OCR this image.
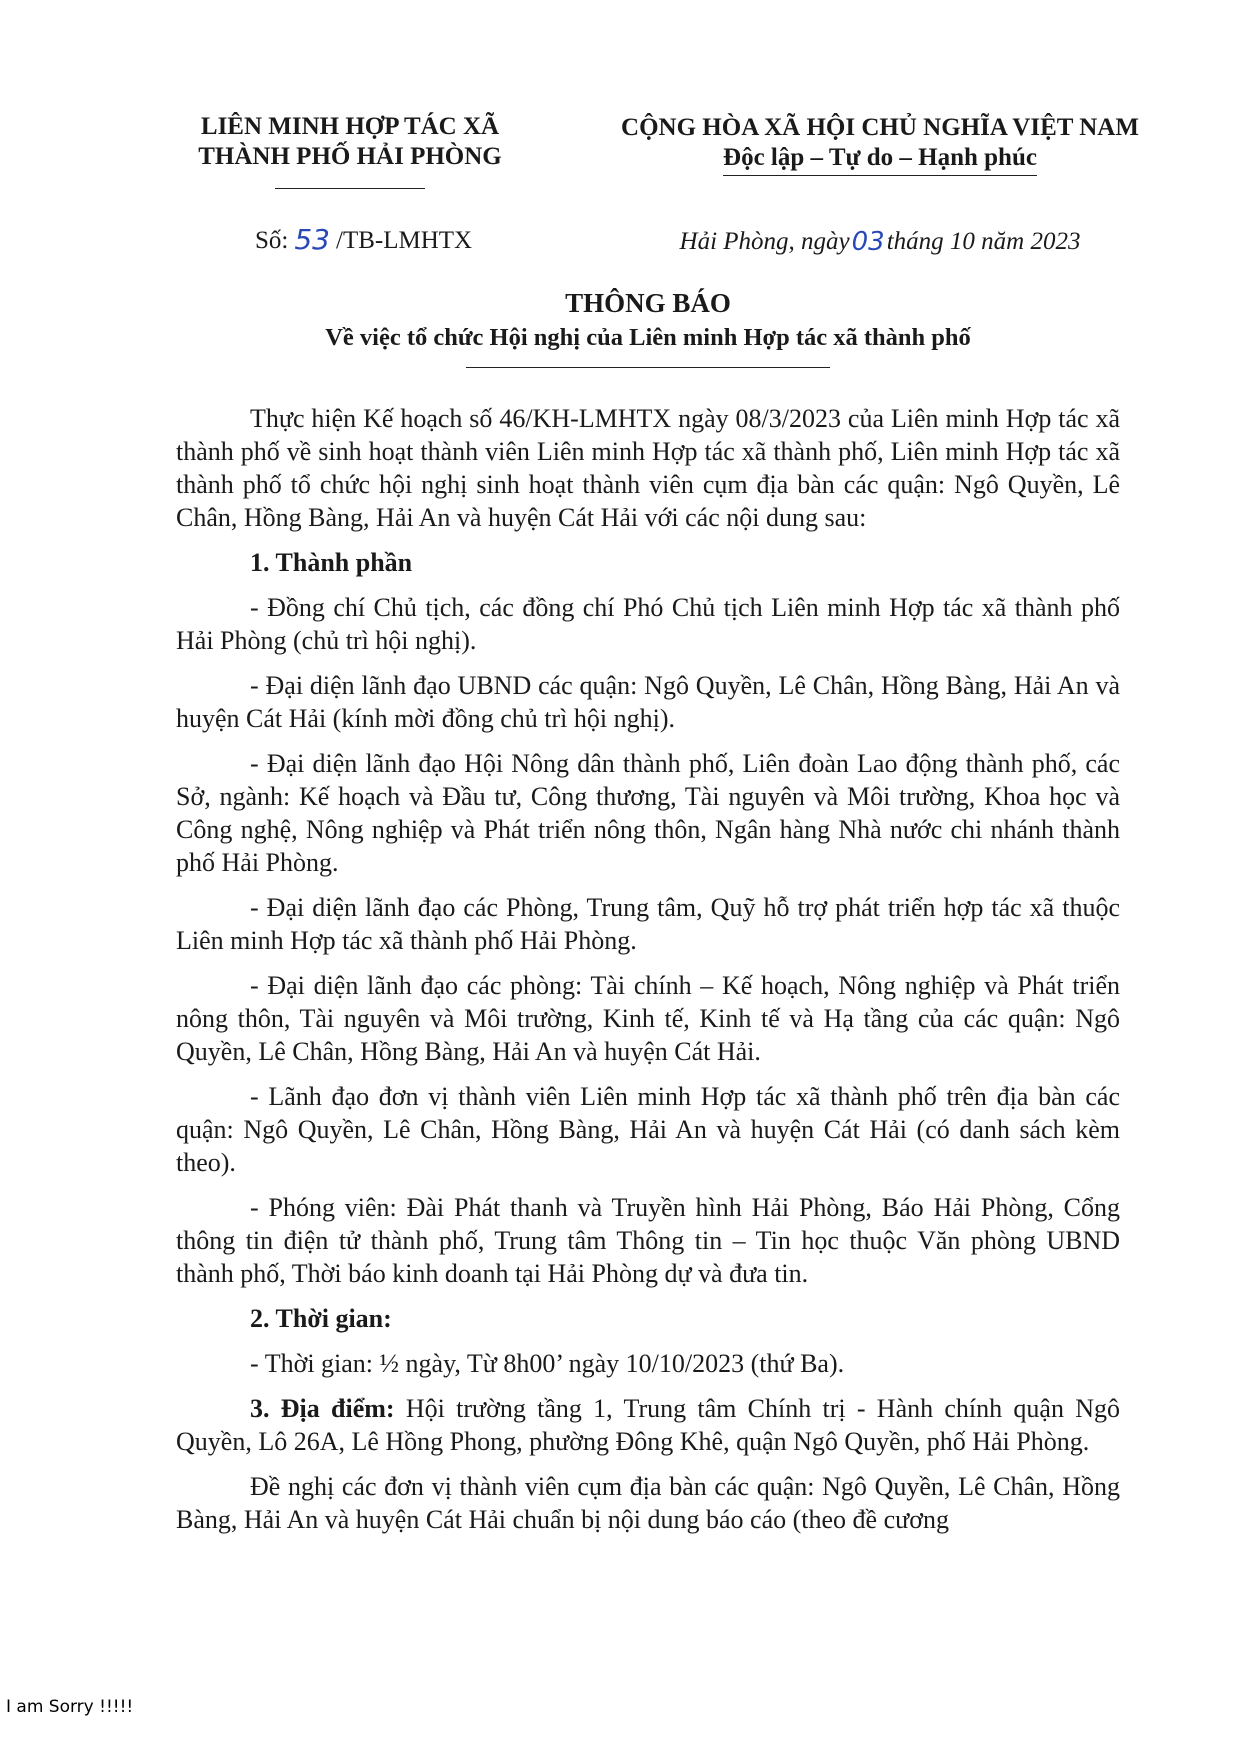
LIÊN MINH HỢP TÁC XÃ
THÀNH PHỐ HẢI PHÒNG
CỘNG HÒA XÃ HỘI CHỦ NGHĨA VIỆT NAM
Độc lập – Tự do – Hạnh phúc
Số: 53 /TB-LMHTX	Hải Phòng, ngày03tháng 10 năm 2023
THÔNG BÁO
Về việc tổ chức Hội nghị của Liên minh Hợp tác xã thành phố

Thực hiện Kế hoạch số 46/KH-LMHTX ngày 08/3/2023 của Liên minh Hợp tác xã thành phố về sinh hoạt thành viên Liên minh Hợp tác xã thành phố, Liên minh Hợp tác xã thành phố tổ chức hội nghị sinh hoạt thành viên cụm địa bàn các quận: Ngô Quyền, Lê Chân, Hồng Bàng, Hải An và huyện Cát Hải với các nội dung sau:

1. Thành phần

- Đồng chí Chủ tịch, các đồng chí Phó Chủ tịch Liên minh Hợp tác xã thành phố Hải Phòng (chủ trì hội nghị).

- Đại diện lãnh đạo UBND các quận: Ngô Quyền, Lê Chân, Hồng Bàng, Hải An và huyện Cát Hải (kính mời đồng chủ trì hội nghị).

- Đại diện lãnh đạo Hội Nông dân thành phố, Liên đoàn Lao động thành phố, các Sở, ngành: Kế hoạch và Đầu tư, Công thương, Tài nguyên và Môi trường, Khoa học và Công nghệ, Nông nghiệp và Phát triển nông thôn, Ngân hàng Nhà nước chi nhánh thành phố Hải Phòng.

- Đại diện lãnh đạo các Phòng, Trung tâm, Quỹ hỗ trợ phát triển hợp tác xã thuộc Liên minh Hợp tác xã thành phố Hải Phòng.

- Đại diện lãnh đạo các phòng: Tài chính – Kế hoạch, Nông nghiệp và Phát triển nông thôn, Tài nguyên và Môi trường, Kinh tế, Kinh tế và Hạ tầng của các quận: Ngô Quyền, Lê Chân, Hồng Bàng, Hải An và huyện Cát Hải.

- Lãnh đạo đơn vị thành viên Liên minh Hợp tác xã thành phố trên địa bàn các quận: Ngô Quyền, Lê Chân, Hồng Bàng, Hải An và huyện Cát Hải (có danh sách kèm theo).

- Phóng viên: Đài Phát thanh và Truyền hình Hải Phòng, Báo Hải Phòng, Cổng thông tin điện tử thành phố, Trung tâm Thông tin – Tin học thuộc Văn phòng UBND thành phố, Thời báo kinh doanh tại Hải Phòng dự và đưa tin.

2. Thời gian:

- Thời gian: ½ ngày, Từ 8h00’ ngày 10/10/2023 (thứ Ba).

3. Địa điểm: Hội trường tầng 1, Trung tâm Chính trị - Hành chính quận Ngô Quyền, Lô 26A, Lê Hồng Phong, phường Đông Khê, quận Ngô Quyền, phố Hải Phòng.

Đề nghị các đơn vị thành viên cụm địa bàn các quận: Ngô Quyền, Lê Chân, Hồng Bàng, Hải An và huyện Cát Hải chuẩn bị nội dung báo cáo (theo đề cương

I am Sorry !!!!!
